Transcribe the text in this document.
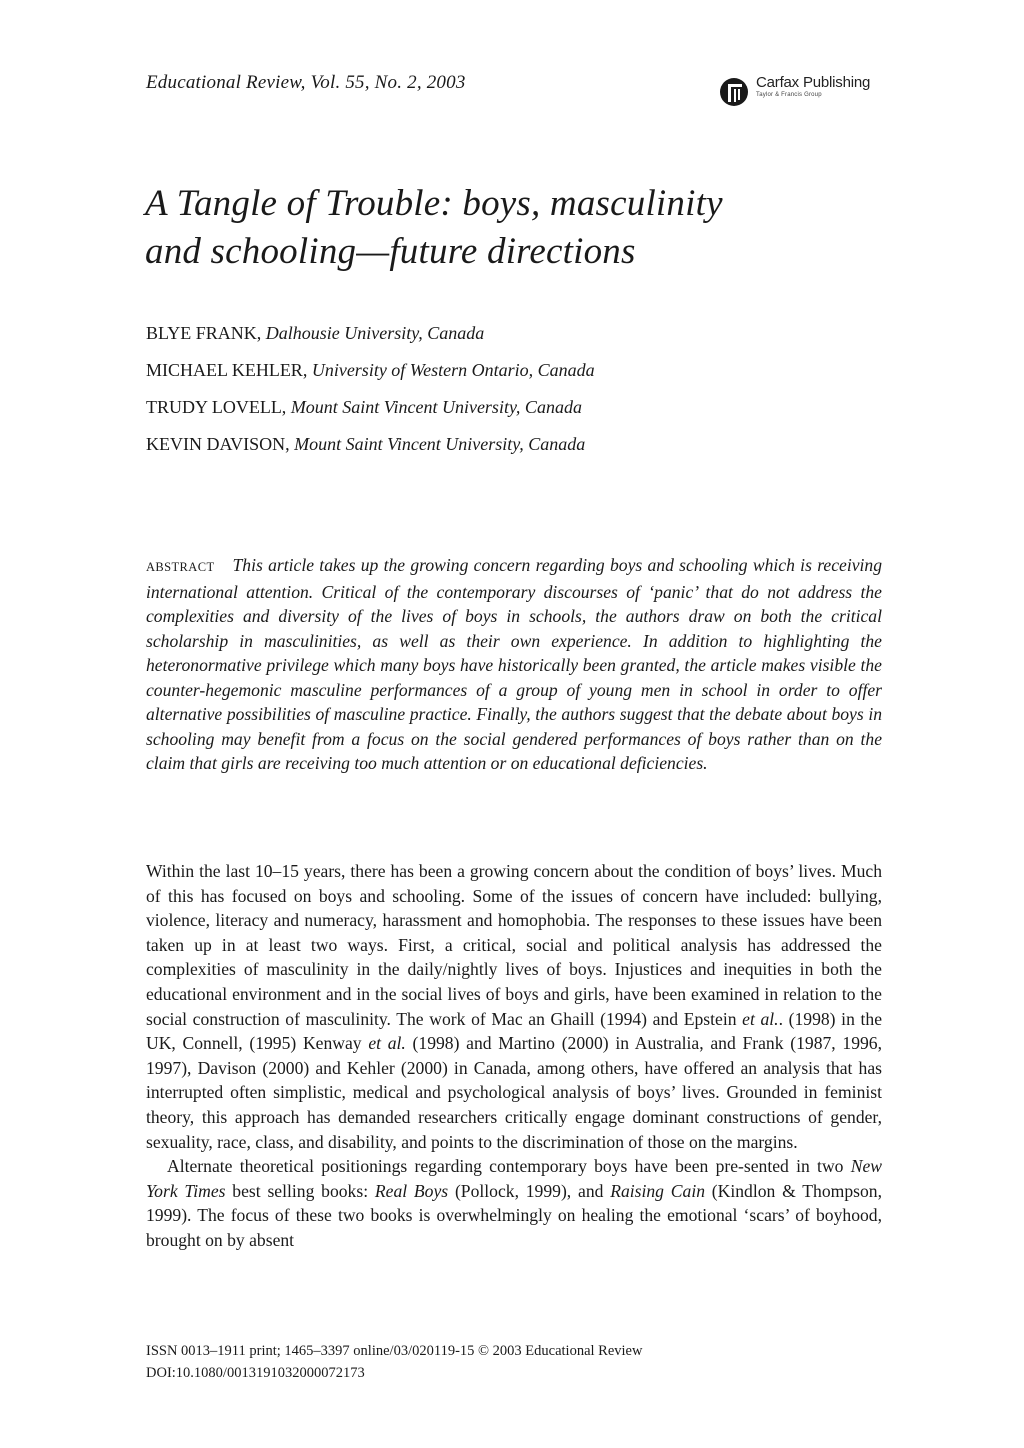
Educational Review, Vol. 55, No. 2, 2003	Carfax Publishing
Taylor & Francis Group
A Tangle of Trouble: boys, masculinity
and schooling—future directions
BLYE FRANK, Dalhousie University, Canada
MICHAEL KEHLER, University of Western Ontario, Canada
TRUDY LOVELL, Mount Saint Vincent University, Canada
KEVIN DAVISON, Mount Saint Vincent University, Canada
ABSTRACT This article takes up the growing concern regarding boys and schooling which is receiving international attention. Critical of the contemporary discourses of ‘panic’ that do not address the complexities and diversity of the lives of boys in schools, the authors draw on both the critical scholarship in masculinities, as well as their own experience. In addition to highlighting the heteronormative privilege which many boys have historically been granted, the article makes visible the counter-hegemonic masculine performances of a group of young men in school in order to offer alternative possibilities of masculine practice. Finally, the authors suggest that the debate about boys in schooling may benefit from a focus on the social gendered performances of boys rather than on the claim that girls are receiving too much attention or on educational deficiencies.

Within the last 10–15 years, there has been a growing concern about the condition of boys’ lives. Much of this has focused on boys and schooling. Some of the issues of concern have included: bullying, violence, literacy and numeracy, harassment and homophobia. The responses to these issues have been taken up in at least two ways. First, a critical, social and political analysis has addressed the complexities of masculinity in the daily/nightly lives of boys. Injustices and inequities in both the educational environment and in the social lives of boys and girls, have been examined in relation to the social construction of masculinity. The work of Mac an Ghaill (1994) and Epstein et al.. (1998) in the UK, Connell, (1995) Kenway et al. (1998) and Martino (2000) in Australia, and Frank (1987, 1996, 1997), Davison (2000) and Kehler (2000) in Canada, among others, have offered an analysis that has interrupted often simplistic, medical and psychological analysis of boys’ lives. Grounded in feminist theory, this approach has demanded researchers critically engage dominant constructions of gender, sexuality, race, class, and disability, and points to the discrimination of those on the margins.

Alternate theoretical positionings regarding contemporary boys have been pre-sented in two New York Times best selling books: Real Boys (Pollock, 1999), and Raising Cain (Kindlon & Thompson, 1999). The focus of these two books is overwhelmingly on healing the emotional ‘scars’ of boyhood, brought on by absent

ISSN 0013–1911 print; 1465–3397 online/03/020119-15 © 2003 Educational Review
DOI:10.1080/0013191032000072173
